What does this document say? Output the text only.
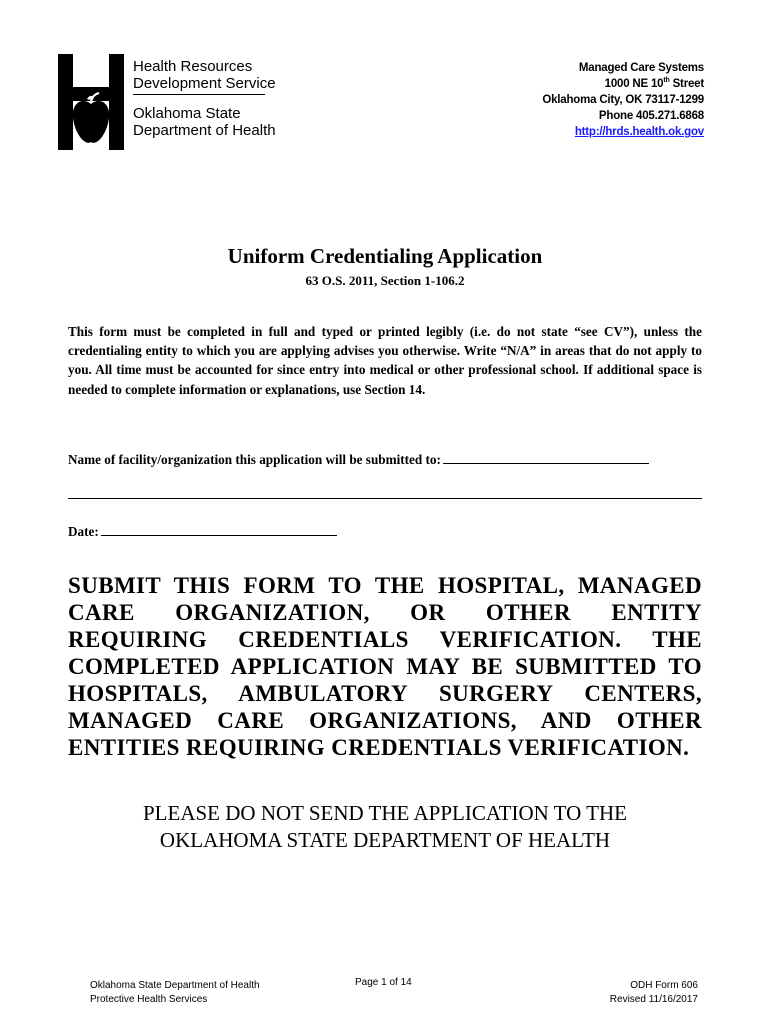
Health Resources
Development Service
Oklahoma State
Department of Health
Managed Care Systems
1000 NE 10th Street
Oklahoma City, OK 73117-1299
Phone 405.271.6868
http://hrds.health.ok.gov
Uniform Credentialing Application
63 O.S. 2011, Section 1-106.2
This form must be completed in full and typed or printed legibly (i.e. do not state “see CV”), unless the credentialing entity to which you are applying advises you otherwise. Write “N/A” in areas that do not apply to you. All time must be accounted for since entry into medical or other professional school. If additional space is needed to complete information or explanations, use Section 14.
Name of facility/organization this application will be submitted to:
Date:
SUBMIT THIS FORM TO THE HOSPITAL, MANAGED CARE ORGANIZATION, OR OTHER ENTITY REQUIRING CREDENTIALS VERIFICATION. THE COMPLETED APPLICATION MAY BE SUBMITTED TO HOSPITALS, AMBULATORY SURGERY CENTERS, MANAGED CARE ORGANIZATIONS, AND OTHER ENTITIES REQUIRING CREDENTIALS VERIFICATION.
PLEASE DO NOT SEND THE APPLICATION TO THE
OKLAHOMA STATE DEPARTMENT OF HEALTH
Oklahoma State Department of Health
Protective Health Services
Page 1 of 14	ODH Form 606
Revised 11/16/2017
